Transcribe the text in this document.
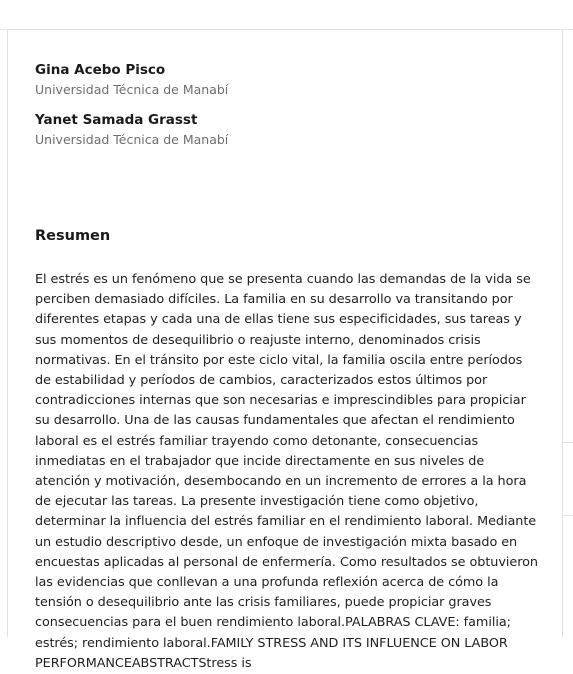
Gina Acebo Pisco
Universidad Técnica de Manabí
Yanet Samada Grasst
Universidad Técnica de Manabí
Resumen

El estrés es un fenómeno que se presenta cuando las demandas de la vida se perciben demasiado difíciles. La familia en su desarrollo va transitando por diferentes etapas y cada una de ellas tiene sus especificidades, sus tareas y sus momentos de desequilibrio o reajuste interno, denominados crisis normativas. En el tránsito por este ciclo vital, la familia oscila entre períodos de estabilidad y períodos de cambios, caracterizados estos últimos por contradicciones internas que son necesarias e imprescindibles para propiciar su desarrollo. Una de las causas fundamentales que afectan el rendimiento laboral es el estrés familiar trayendo como detonante, consecuencias inmediatas en el trabajador que incide directamente en sus niveles de atención y motivación, desembocando en un incremento de errores a la hora de ejecutar las tareas. La presente investigación tiene como objetivo, determinar la influencia del estrés familiar en el rendimiento laboral. Mediante un estudio descriptivo desde, un enfoque de investigación mixta basado en encuestas aplicadas al personal de enfermería. Como resultados se obtuvieron las evidencias que conllevan a una profunda reflexión acerca de cómo la tensión o desequilibrio ante las crisis familiares, puede propiciar graves consecuencias para el buen rendimiento laboral.PALABRAS CLAVE: familia; estrés; rendimiento laboral.FAMILY STRESS AND ITS INFLUENCE ON LABOR PERFORMANCEABSTRACTStress is
